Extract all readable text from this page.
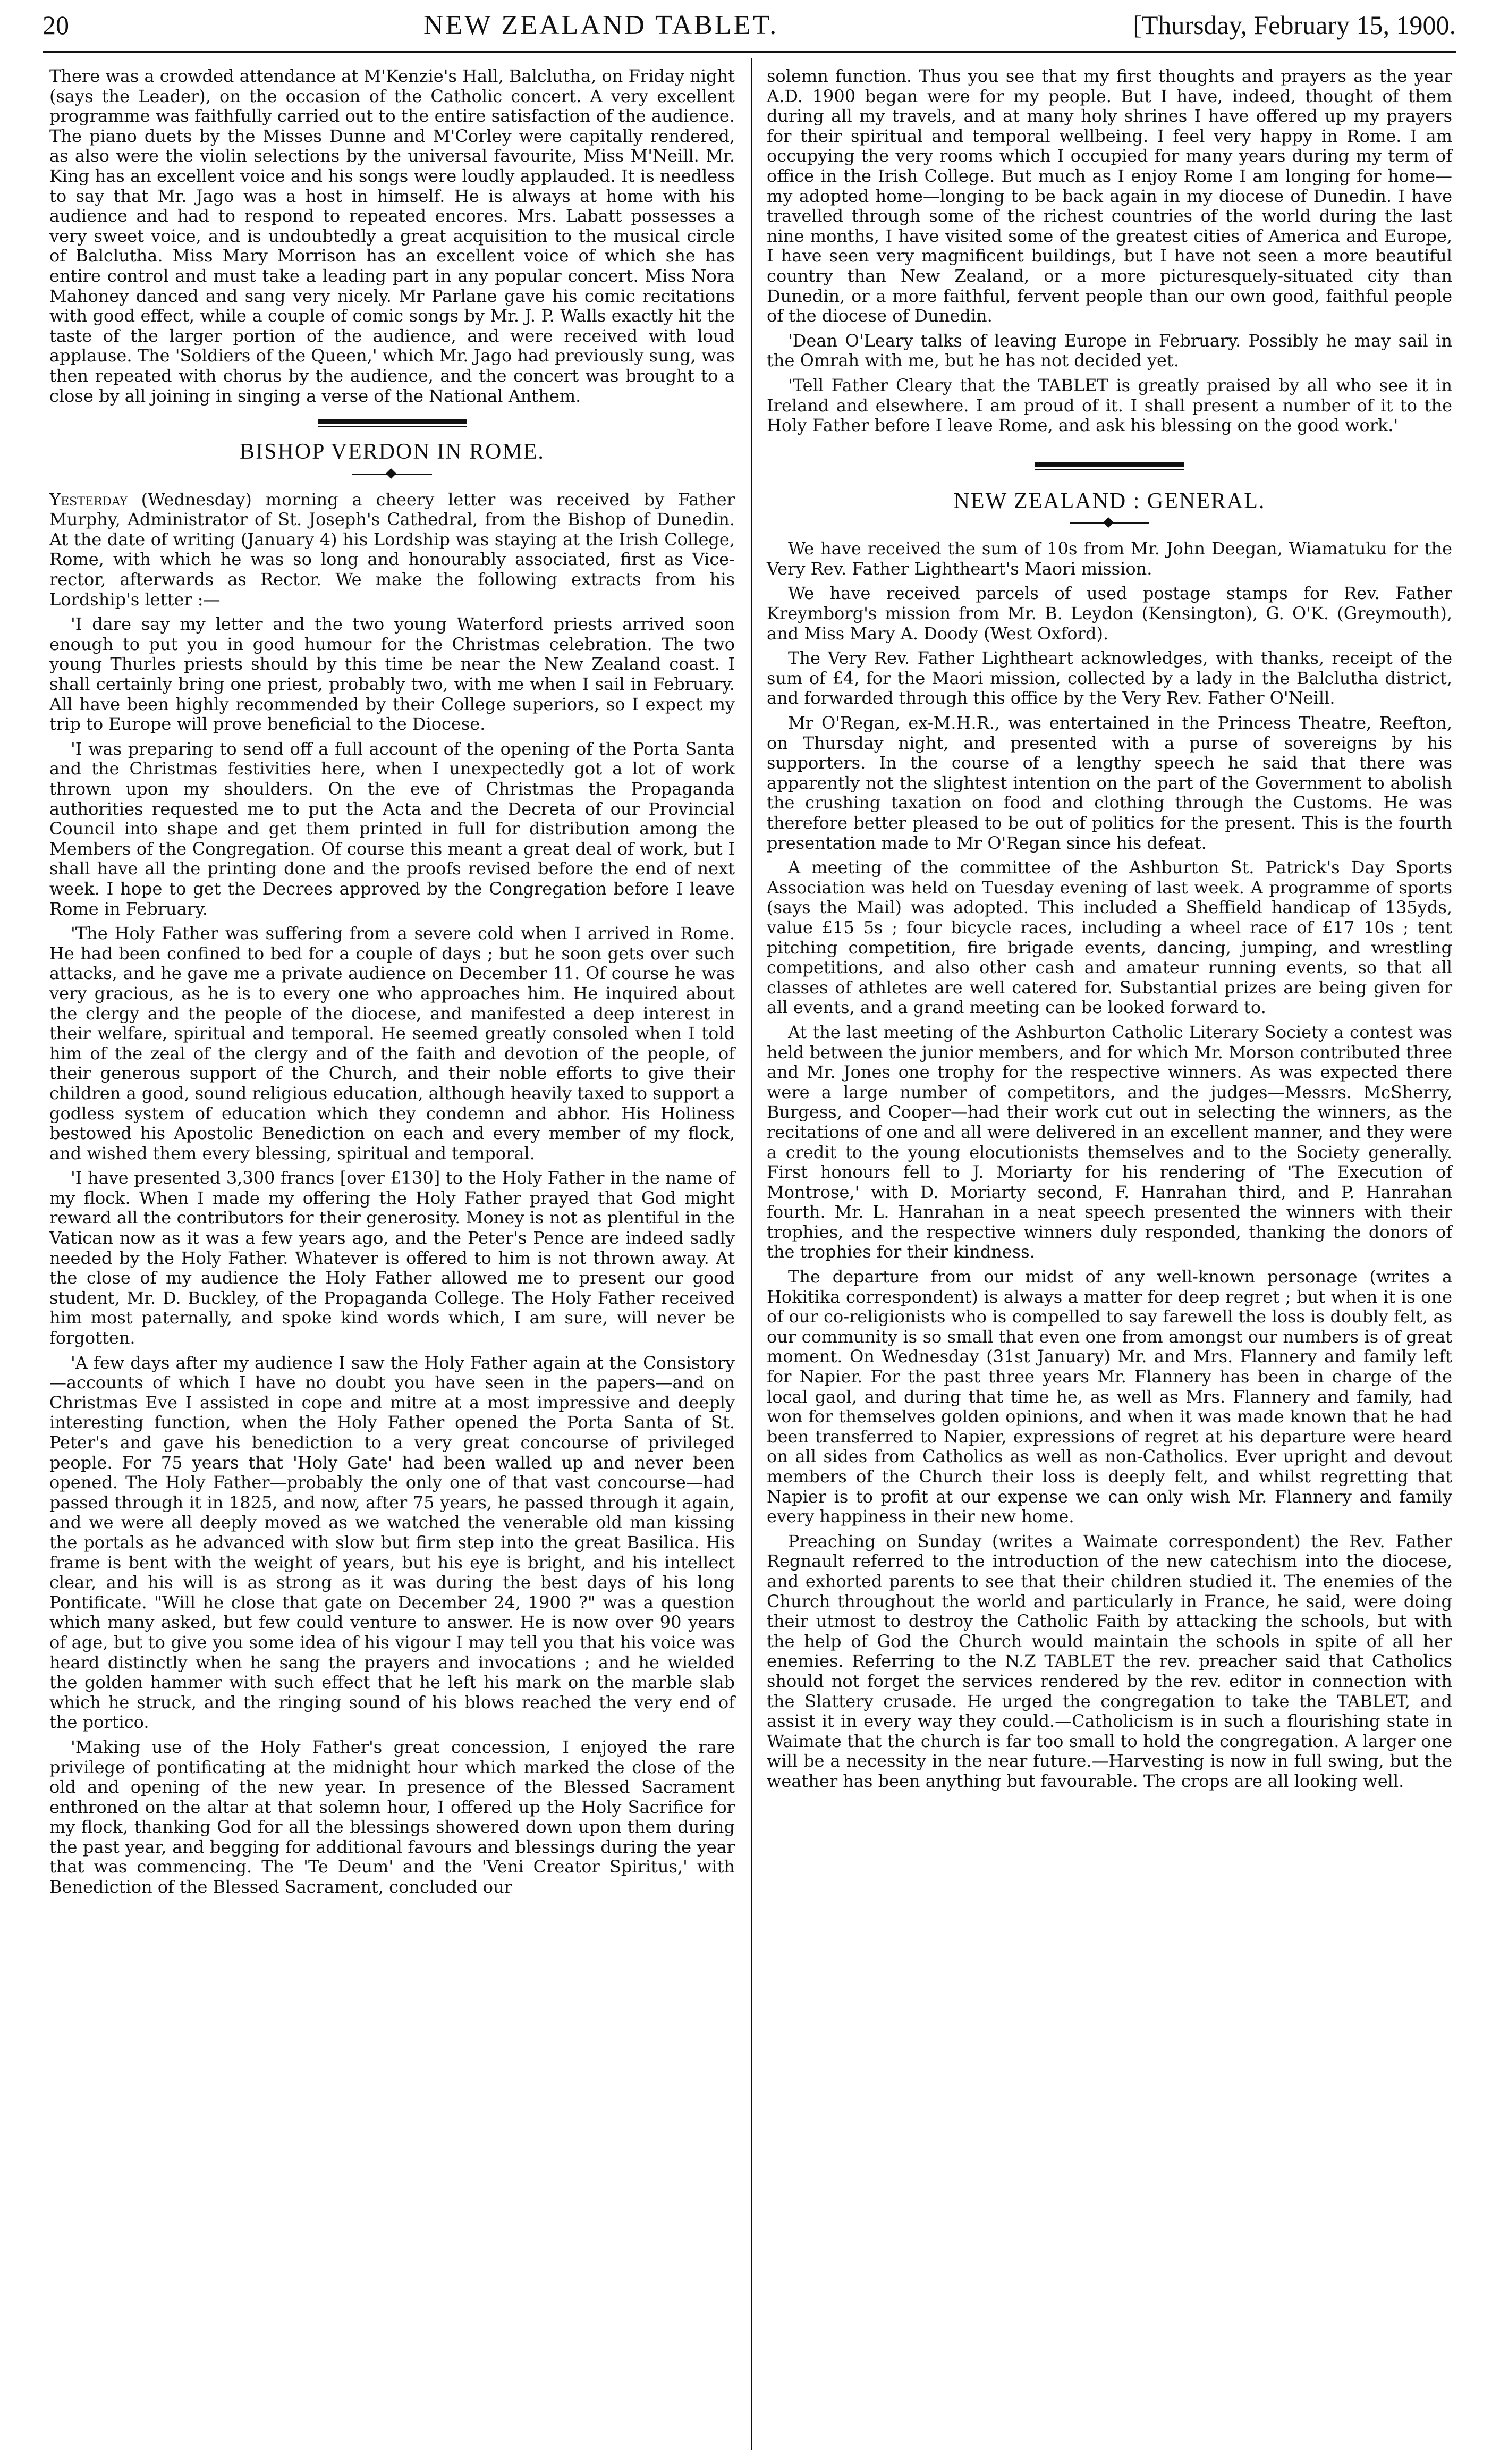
20	NEW ZEALAND TABLET.	[Thursday, February 15, 1900.

There was a crowded attendance at M'Kenzie's Hall, Balclutha, on Friday night (says the Leader), on the occasion of the Catholic concert. A very excellent programme was faithfully carried out to the entire satisfaction of the audience. The piano duets by the Misses Dunne and M'Corley were capitally rendered, as also were the violin selections by the universal favourite, Miss M'Neill. Mr. King has an excellent voice and his songs were loudly applauded. It is needless to say that Mr. Jago was a host in himself. He is always at home with his audience and had to respond to repeated encores. Mrs. Labatt possesses a very sweet voice, and is undoubtedly a great acquisition to the musical circle of Balclutha. Miss Mary Morrison has an excellent voice of which she has entire control and must take a leading part in any popular concert. Miss Nora Mahoney danced and sang very nicely. Mr Parlane gave his comic recitations with good effect, while a couple of comic songs by Mr. J. P. Walls exactly hit the taste of the larger portion of the audience, and were received with loud applause. The 'Soldiers of the Queen,' which Mr. Jago had previously sung, was then repeated with chorus by the audience, and the concert was brought to a close by all joining in singing a verse of the National Anthem.

BISHOP VERDON IN ROME.

Yesterday (Wednesday) morning a cheery letter was received by Father Murphy, Administrator of St. Joseph's Cathedral, from the Bishop of Dunedin. At the date of writing (January 4) his Lordship was staying at the Irish College, Rome, with which he was so long and honourably associated, first as Vice-rector, afterwards as Rector. We make the following extracts from his Lordship's letter :—

'I dare say my letter and the two young Waterford priests arrived soon enough to put you in good humour for the Christmas celebration. The two young Thurles priests should by this time be near the New Zealand coast. I shall certainly bring one priest, probably two, with me when I sail in February. All have been highly recommended by their College superiors, so I expect my trip to Europe will prove beneficial to the Diocese.

'I was preparing to send off a full account of the opening of the Porta Santa and the Christmas festivities here, when I unexpectedly got a lot of work thrown upon my shoulders. On the eve of Christmas the Propaganda authorities requested me to put the Acta and the Decreta of our Provincial Council into shape and get them printed in full for distribution among the Members of the Congregation. Of course this meant a great deal of work, but I shall have all the printing done and the proofs revised before the end of next week. I hope to get the Decrees approved by the Congregation before I leave Rome in February.

'The Holy Father was suffering from a severe cold when I arrived in Rome. He had been confined to bed for a couple of days ; but he soon gets over such attacks, and he gave me a private audience on December 11. Of course he was very gracious, as he is to every one who approaches him. He inquired about the clergy and the people of the diocese, and manifested a deep interest in their welfare, spiritual and temporal. He seemed greatly consoled when I told him of the zeal of the clergy and of the faith and devotion of the people, of their generous support of the Church, and their noble efforts to give their children a good, sound religious education, although heavily taxed to support a godless system of education which they condemn and abhor. His Holiness bestowed his Apostolic Benediction on each and every member of my flock, and wished them every blessing, spiritual and temporal.

'I have presented 3,300 francs [over £130] to the Holy Father in the name of my flock. When I made my offering the Holy Father prayed that God might reward all the contributors for their generosity. Money is not as plentiful in the Vatican now as it was a few years ago, and the Peter's Pence are indeed sadly needed by the Holy Father. Whatever is offered to him is not thrown away. At the close of my audience the Holy Father allowed me to present our good student, Mr. D. Buckley, of the Propaganda College. The Holy Father received him most paternally, and spoke kind words which, I am sure, will never be forgotten.

'A few days after my audience I saw the Holy Father again at the Consistory—accounts of which I have no doubt you have seen in the papers—and on Christmas Eve I assisted in cope and mitre at a most impressive and deeply interesting function, when the Holy Father opened the Porta Santa of St. Peter's and gave his benediction to a very great concourse of privileged people. For 75 years that 'Holy Gate' had been walled up and never been opened. The Holy Father—probably the only one of that vast concourse—had passed through it in 1825, and now, after 75 years, he passed through it again, and we were all deeply moved as we watched the venerable old man kissing the portals as he advanced with slow but firm step into the great Basilica. His frame is bent with the weight of years, but his eye is bright, and his intellect clear, and his will is as strong as it was during the best days of his long Pontificate. "Will he close that gate on December 24, 1900 ?" was a question which many asked, but few could venture to answer. He is now over 90 years of age, but to give you some idea of his vigour I may tell you that his voice was heard distinctly when he sang the prayers and invocations ; and he wielded the golden hammer with such effect that he left his mark on the marble slab which he struck, and the ringing sound of his blows reached the very end of the portico.

'Making use of the Holy Father's great concession, I enjoyed the rare privilege of pontificating at the midnight hour which marked the close of the old and opening of the new year. In presence of the Blessed Sacrament enthroned on the altar at that solemn hour, I offered up the Holy Sacrifice for my flock, thanking God for all the blessings showered down upon them during the past year, and begging for additional favours and blessings during the year that was commencing. The 'Te Deum' and the 'Veni Creator Spiritus,' with Benediction of the Blessed Sacrament, concluded our

solemn function. Thus you see that my first thoughts and prayers as the year A.D. 1900 began were for my people. But I have, indeed, thought of them during all my travels, and at many holy shrines I have offered up my prayers for their spiritual and temporal wellbeing. I feel very happy in Rome. I am occupying the very rooms which I occupied for many years during my term of office in the Irish College. But much as I enjoy Rome I am longing for home—my adopted home—longing to be back again in my diocese of Dunedin. I have travelled through some of the richest countries of the world during the last nine months, I have visited some of the greatest cities of America and Europe, I have seen very magnificent buildings, but I have not seen a more beautiful country than New Zealand, or a more picturesquely-situated city than Dunedin, or a more faithful, fervent people than our own good, faithful people of the diocese of Dunedin.

'Dean O'Leary talks of leaving Europe in February. Possibly he may sail in the Omrah with me, but he has not decided yet.

'Tell Father Cleary that the TABLET is greatly praised by all who see it in Ireland and elsewhere. I am proud of it. I shall present a number of it to the Holy Father before I leave Rome, and ask his blessing on the good work.'

NEW ZEALAND : GENERAL.

We have received the sum of 10s from Mr. John Deegan, Wiamatuku for the Very Rev. Father Lightheart's Maori mission.

We have received parcels of used postage stamps for Rev. Father Kreymborg's mission from Mr. B. Leydon (Kensington), G. O'K. (Greymouth), and Miss Mary A. Doody (West Oxford).

The Very Rev. Father Lightheart acknowledges, with thanks, receipt of the sum of £4, for the Maori mission, collected by a lady in the Balclutha district, and forwarded through this office by the Very Rev. Father O'Neill.

Mr O'Regan, ex-M.H.R., was entertained in the Princess Theatre, Reefton, on Thursday night, and presented with a purse of sovereigns by his supporters. In the course of a lengthy speech he said that there was apparently not the slightest intention on the part of the Government to abolish the crushing taxation on food and clothing through the Customs. He was therefore better pleased to be out of politics for the present. This is the fourth presentation made to Mr O'Regan since his defeat.

A meeting of the committee of the Ashburton St. Patrick's Day Sports Association was held on Tuesday evening of last week. A programme of sports (says the Mail) was adopted. This included a Sheffield handicap of 135yds, value £15 5s ; four bicycle races, including a wheel race of £17 10s ; tent pitching competition, fire brigade events, dancing, jumping, and wrestling competitions, and also other cash and amateur running events, so that all classes of athletes are well catered for. Substantial prizes are being given for all events, and a grand meeting can be looked forward to.

At the last meeting of the Ashburton Catholic Literary Society a contest was held between the junior members, and for which Mr. Morson contributed three and Mr. Jones one trophy for the respective winners. As was expected there were a large number of competitors, and the judges—Messrs. McSherry, Burgess, and Cooper—had their work cut out in selecting the winners, as the recitations of one and all were delivered in an excellent manner, and they were a credit to the young elocutionists themselves and to the Society generally. First honours fell to J. Moriarty for his rendering of 'The Execution of Montrose,' with D. Moriarty second, F. Hanrahan third, and P. Hanrahan fourth. Mr. L. Hanrahan in a neat speech presented the winners with their trophies, and the respective winners duly responded, thanking the donors of the trophies for their kindness.

The departure from our midst of any well-known personage (writes a Hokitika correspondent) is always a matter for deep regret ; but when it is one of our co-religionists who is compelled to say farewell the loss is doubly felt, as our community is so small that even one from amongst our numbers is of great moment. On Wednesday (31st January) Mr. and Mrs. Flannery and family left for Napier. For the past three years Mr. Flannery has been in charge of the local gaol, and during that time he, as well as Mrs. Flannery and family, had won for themselves golden opinions, and when it was made known that he had been transferred to Napier, expressions of regret at his departure were heard on all sides from Catholics as well as non-Catholics. Ever upright and devout members of the Church their loss is deeply felt, and whilst regretting that Napier is to profit at our expense we can only wish Mr. Flannery and family every happiness in their new home.

Preaching on Sunday (writes a Waimate correspondent) the Rev. Father Regnault referred to the introduction of the new catechism into the diocese, and exhorted parents to see that their children studied it. The enemies of the Church throughout the world and particularly in France, he said, were doing their utmost to destroy the Catholic Faith by attacking the schools, but with the help of God the Church would maintain the schools in spite of all her enemies. Referring to the N.Z TABLET the rev. preacher said that Catholics should not forget the services rendered by the rev. editor in connection with the Slattery crusade. He urged the congregation to take the TABLET, and assist it in every way they could.—Catholicism is in such a flourishing state in Waimate that the church is far too small to hold the congregation. A larger one will be a necessity in the near future.—Harvesting is now in full swing, but the weather has been anything but favourable. The crops are all looking well.
